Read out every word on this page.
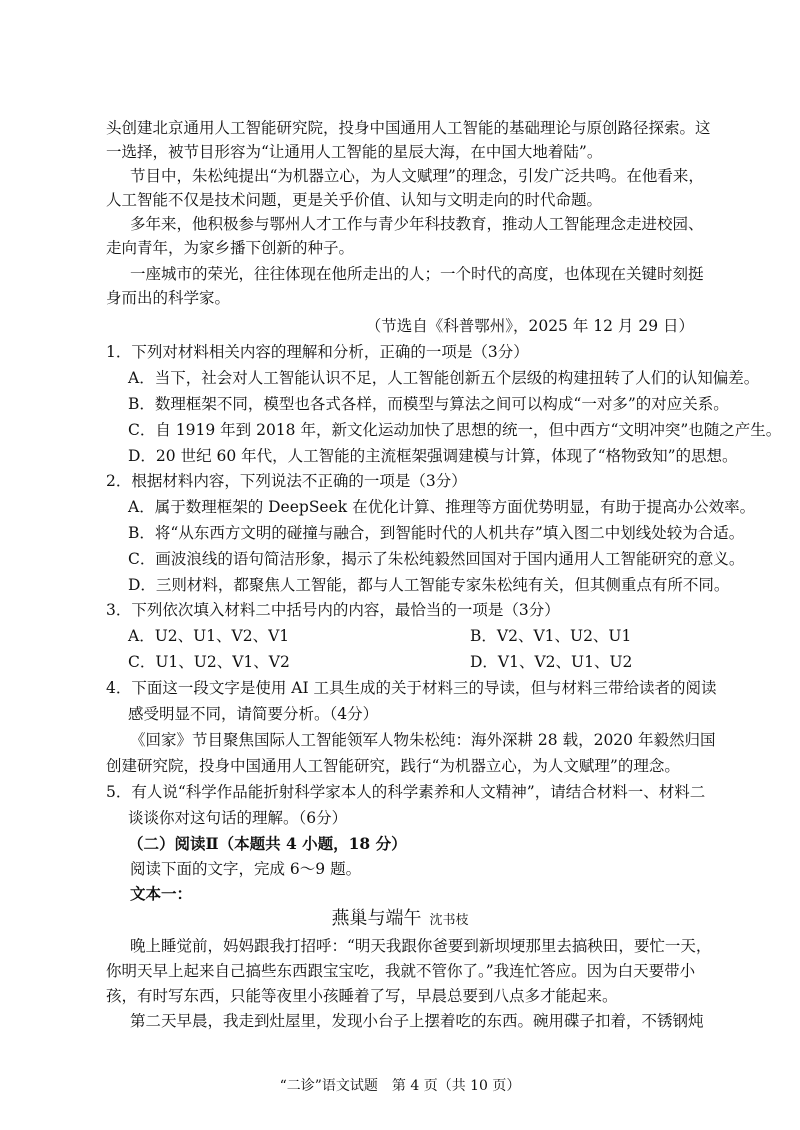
头创建北京通用人工智能研究院，投身中国通用人工智能的基础理论与原创路径探索。这
一选择，被节目形容为“让通用人工智能的星辰大海，在中国大地着陆”。
节目中，朱松纯提出“为机器立心，为人文赋理”的理念，引发广泛共鸣。在他看来，
人工智能不仅是技术问题，更是关乎价值、认知与文明走向的时代命题。
多年来，他积极参与鄂州人才工作与青少年科技教育，推动人工智能理念走进校园、
走向青年，为家乡播下创新的种子。
一座城市的荣光，往往体现在他所走出的人；一个时代的高度，也体现在关键时刻挺
身而出的科学家。
（节选自《科普鄂州》，2025 年 12 月 29 日）
1．下列对材料相关内容的理解和分析，正确的一项是（3分）
A．当下，社会对人工智能认识不足，人工智能创新五个层级的构建扭转了人们的认知偏差。
B．数理框架不同，模型也各式各样，而模型与算法之间可以构成“一对多”的对应关系。
C．自 1919 年到 2018 年，新文化运动加快了思想的统一，但中西方“文明冲突”也随之产生。
D．20 世纪 60 年代，人工智能的主流框架强调建模与计算，体现了“格物致知”的思想。
2．根据材料内容，下列说法不正确的一项是（3分）
A．属于数理框架的 DeepSeek 在优化计算、推理等方面优势明显，有助于提高办公效率。
B．将“从东西方文明的碰撞与融合，到智能时代的人机共存”填入图二中划线处较为合适。
C．画波浪线的语句简洁形象，揭示了朱松纯毅然回国对于国内通用人工智能研究的意义。
D．三则材料，都聚焦人工智能，都与人工智能专家朱松纯有关，但其侧重点有所不同。
3．下列依次填入材料二中括号内的内容，最恰当的一项是（3分）
A．U2、U1、V2、V1	B．V2、V1、U2、U1
C．U1、U2、V1、V2	D．V1、V2、U1、U2
4．下面这一段文字是使用 AI 工具生成的关于材料三的导读，但与材料三带给读者的阅读
感受明显不同，请简要分析。（4分）
《回家》节目聚焦国际人工智能领军人物朱松纯：海外深耕 28 载，2020 年毅然归国
创建研究院，投身中国通用人工智能研究，践行“为机器立心，为人文赋理”的理念。
5．有人说“科学作品能折射科学家本人的科学素养和人文精神”，请结合材料一、材料二
谈谈你对这句话的理解。（6分）
（二）阅读Ⅱ（本题共 4 小题，18 分）
阅读下面的文字，完成 6～9 题。
文本一：
燕巢与端午 沈书枝
晚上睡觉前，妈妈跟我打招呼：“明天我跟你爸要到新坝埂那里去搞秧田，要忙一天，
你明天早上起来自己搞些东西跟宝宝吃，我就不管你了。”我连忙答应。因为白天要带小
孩，有时写东西，只能等夜里小孩睡着了写，早晨总要到八点多才能起来。
第二天早晨，我走到灶屋里，发现小台子上摆着吃的东西。碗用碟子扣着，不锈钢炖
“二诊”语文试题　第 4 页（共 10 页）
